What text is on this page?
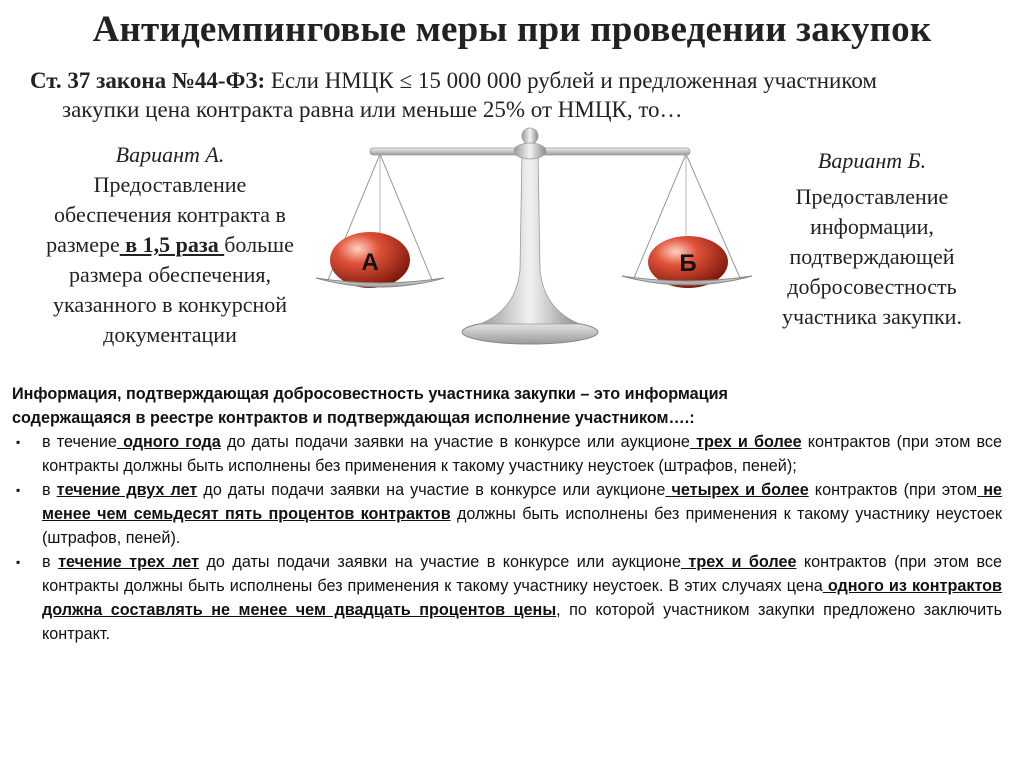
Антидемпинговые меры при проведении закупок
Ст. 37 закона №44-ФЗ: Если НМЦК ≤ 15 000 000 рублей и предложенная участником
закупки цена контракта равна или меньше 25% от НМЦК, то…
Вариант А.
Предоставление
обеспечения контракта в
размере в 1,5 раза больше
размера обеспечения,
указанного в конкурсной
документации
Вариант Б.
Предоставление
информации,
подтверждающей
добросовестность
участника закупки.
А	Б
Информация, подтверждающая добросовестность участника закупки – это информация
содержащаяся в реестре контрактов и подтверждающая исполнение участником….:
▪ в течение одного года до даты подачи заявки на участие в конкурсе или аукционе трех и более контрактов (при этом все контракты должны быть исполнены без применения к такому участнику неустоек (штрафов, пеней);
▪ в течение двух лет до даты подачи заявки на участие в конкурсе или аукционе четырех и более контрактов (при этом не менее чем семьдесят пять процентов контрактов должны быть исполнены без применения к такому участнику неустоек (штрафов, пеней).
▪ в течение трех лет до даты подачи заявки на участие в конкурсе или аукционе трех и более контрактов (при этом все контракты должны быть исполнены без применения к такому участнику неустоек. В этих случаях цена одного из контрактов должна составлять не менее чем двадцать процентов цены, по которой участником закупки предложено заключить контракт.
